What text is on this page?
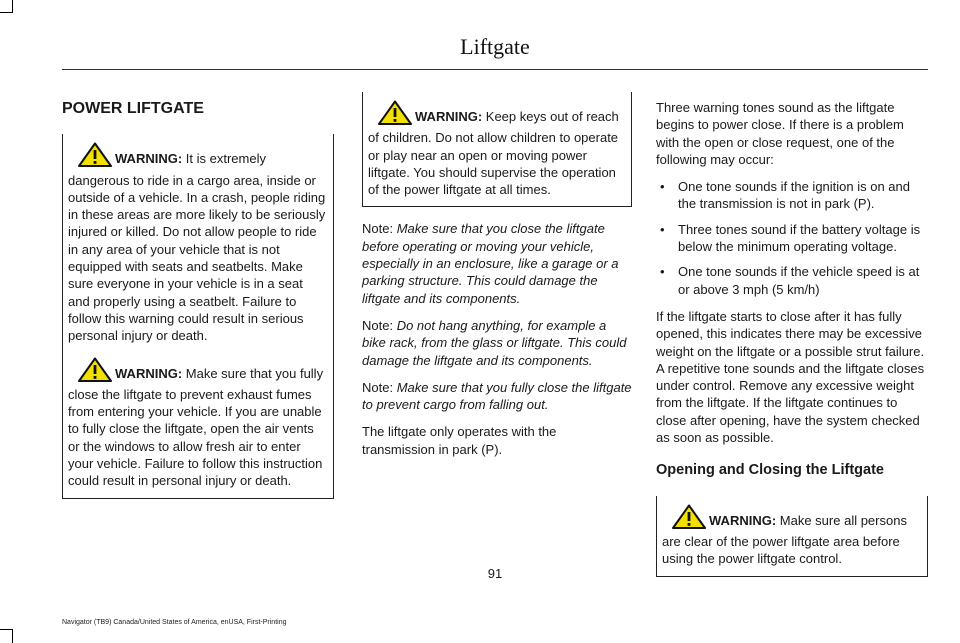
Liftgate
POWER LIFTGATE
WARNING: It is extremely dangerous to ride in a cargo area, inside or outside of a vehicle. In a crash, people riding in these areas are more likely to be seriously injured or killed. Do not allow people to ride in any area of your vehicle that is not equipped with seats and seatbelts. Make sure everyone in your vehicle is in a seat and properly using a seatbelt. Failure to follow this warning could result in serious personal injury or death.
WARNING: Make sure that you fully close the liftgate to prevent exhaust fumes from entering your vehicle. If you are unable to fully close the liftgate, open the air vents or the windows to allow fresh air to enter your vehicle. Failure to follow this instruction could result in personal injury or death.
WARNING: Keep keys out of reach of children. Do not allow children to operate or play near an open or moving power liftgate. You should supervise the operation of the power liftgate at all times.

Note: Make sure that you close the liftgate before operating or moving your vehicle, especially in an enclosure, like a garage or a parking structure. This could damage the liftgate and its components.

Note: Do not hang anything, for example a bike rack, from the glass or liftgate. This could damage the liftgate and its components.

Note: Make sure that you fully close the liftgate to prevent cargo from falling out.

The liftgate only operates with the transmission in park (P).

Three warning tones sound as the liftgate begins to power close. If there is a problem with the open or close request, one of the following may occur:

• One tone sounds if the ignition is on and the transmission is not in park (P).
• Three tones sound if the battery voltage is below the minimum operating voltage.
• One tone sounds if the vehicle speed is at or above 3 mph (5 km/h)

If the liftgate starts to close after it has fully opened, this indicates there may be excessive weight on the liftgate or a possible strut failure. A repetitive tone sounds and the liftgate closes under control. Remove any excessive weight from the liftgate. If the liftgate continues to close after opening, have the system checked as soon as possible.

Opening and Closing the Liftgate
WARNING: Make sure all persons are clear of the power liftgate area before using the power liftgate control.
91
Navigator (TB9) Canada/United States of America, enUSA, First-Printing
